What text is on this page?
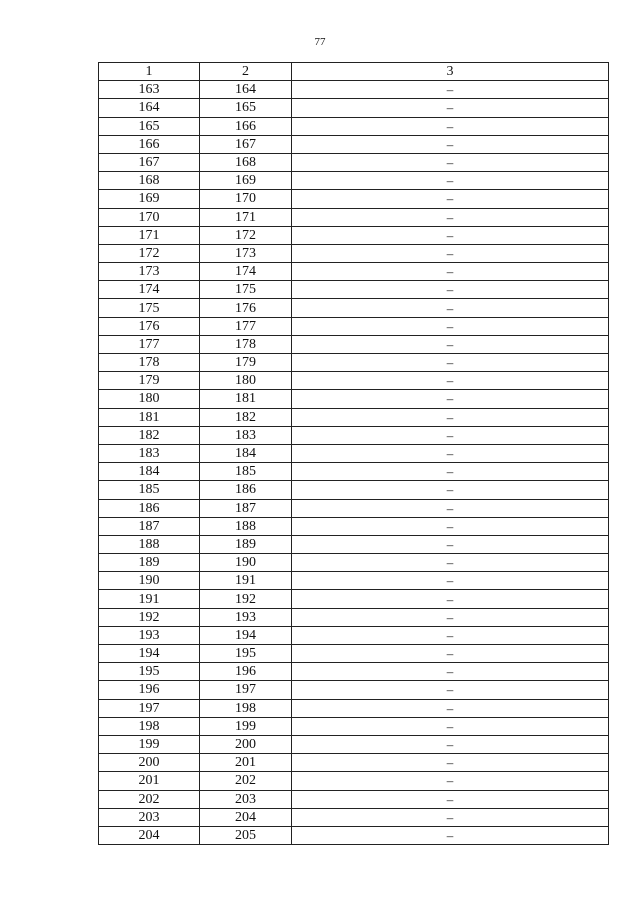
77
1	2	3
163	164	–
164	165	–
165	166	–
166	167	–
167	168	–
168	169	–
169	170	–
170	171	–
171	172	–
172	173	–
173	174	–
174	175	–
175	176	–
176	177	–
177	178	–
178	179	–
179	180	–
180	181	–
181	182	–
182	183	–
183	184	–
184	185	–
185	186	–
186	187	–
187	188	–
188	189	–
189	190	–
190	191	–
191	192	–
192	193	–
193	194	–
194	195	–
195	196	–
196	197	–
197	198	–
198	199	–
199	200	–
200	201	–
201	202	–
202	203	–
203	204	–
204	205	–
